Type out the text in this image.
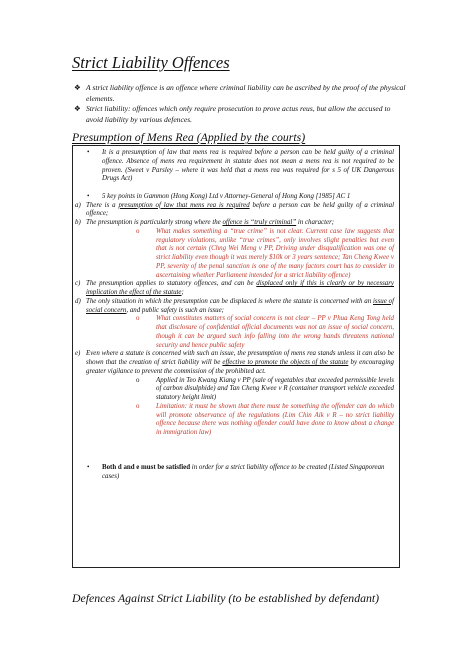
Strict Liability Offences
❖ A strict liability offence is an offence where criminal liability can be ascribed by the proof of the physical elements.
❖ Strict liability: offences which only require prosecution to prove actus reus, but allow the accused to avoid liability by various defences.
Presumption of Mens Rea (Applied by the courts)
• It is a presumption of law that mens rea is required before a person can be held guilty of a criminal offence. Absence of mens rea requirement in statute does not mean a mens rea is not required to be proven. (Sweet v Parsley – where it was held that a mens rea was required for s 5 of UK Dangerous Drugs Act)
• 5 key points in Gammon (Hong Kong) Ltd v Attorney-General of Hong Kong [1985] AC 1
a) There is a presumption of law that mens rea is required before a person can be held guilty of a criminal offence;
b) The presumption is particularly strong where the offence is “truly criminal” in character;
o What makes something a “true crime” is not clear. Current case law suggests that regulatory violations, unlike “true crimes”, only involves slight penalties but even that is not certain (Chng Wei Meng v PP, Driving under disqualification was one of strict liability even though it was merely $10k or 3 years sentence; Tan Cheng Kwee v PP, severity of the penal sanction is one of the many factors court has to consider in ascertaining whether Parliament intended for a strict liability offence)
c) The presumption applies to statutory offences, and can be displaced only if this is clearly or by necessary implication the effect of the statute;
d) The only situation in which the presumption can be displaced is where the statute is concerned with an issue of social concern, and public safety is such an issue;
o What constitutes matters of social concern is not clear – PP v Phua Keng Tong held that disclosure of confidential official documents was not an issue of social concern, though it can be argued such info falling into the wrong hands threatens national security and hence public safety
e) Even where a statute is concerned with such an issue, the presumption of mens rea stands unless it can also be shown that the creation of strict liability will be effective to promote the objects of the statute by encouraging greater vigilance to prevent the commission of the prohibited act.
o Applied in Teo Kwang Kiang v PP (sale of vegetables that exceeded permissible levels of carbon disulphide) and Tan Cheng Kwee v R (container transport vehicle exceeded statutory height limit)
o Limitation: it must be shown that there must be something the offender can do which will promote observance of the regulations (Lim Chin Aik v R – no strict liability offence because there was nothing offender could have done to know about a change in immigration law)
• Both d and e must be satisfied in order for a strict liability offence to be created (Listed Singaporean cases)
Defences Against Strict Liability (to be established by defendant)
